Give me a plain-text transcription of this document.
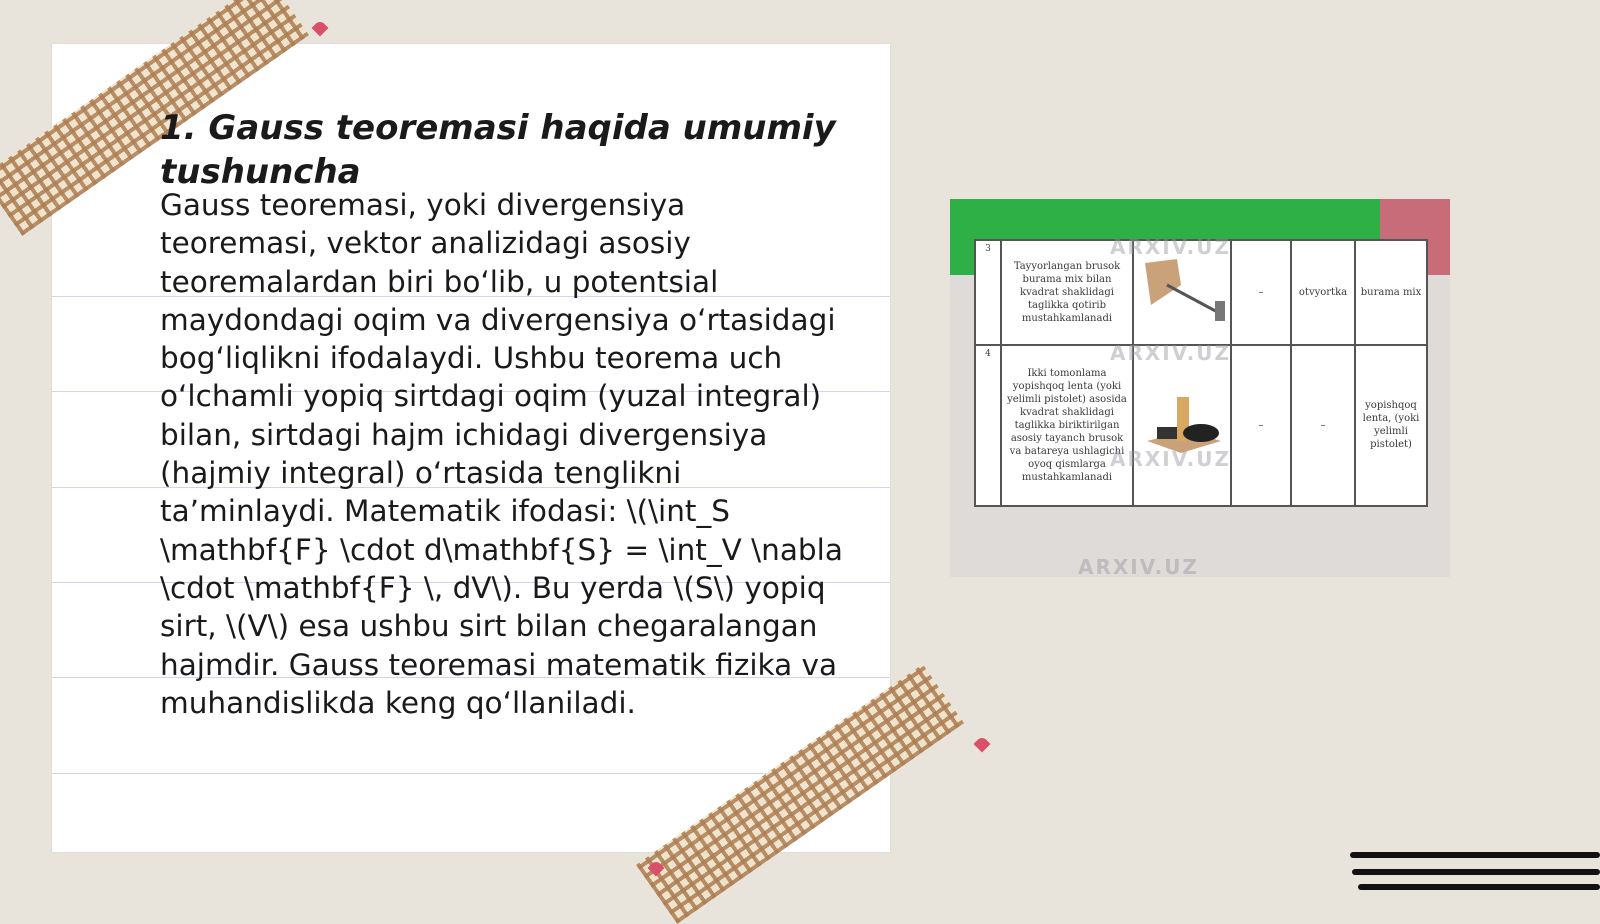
1. Gauss teoremasi haqida umumiy tushuncha

Gauss teoremasi, yoki divergensiya teoremasi, vektor analizidagi asosiy teoremalardan biri bo‘lib, u potentsial maydondagi oqim va divergensiya o‘rtasidagi bog‘liqlikni ifodalaydi. Ushbu teorema uch o‘lchamli yopiq sirtdagi oqim (yuzal integral) bilan, sirtdagi hajm ichidagi divergensiya (hajmiy integral) o‘rtasida tenglikni ta’minlaydi. Matematik ifodasi: \(\int_S \mathbf{F} \cdot d\mathbf{S} = \int_V \nabla \cdot \mathbf{F} \, dV\). Bu yerda \(S\) yopiq sirt, \(V\) esa ushbu sirt bilan chegaralangan hajmdir. Gauss teoremasi matematik fizika va muhandislikda keng qo‘llaniladi.

3	Tayyorlangan brusok burama mix bilan kvadrat shaklidagi taglikka qotirib mustahkamlanadi		–	otvyortka	burama mix
4	Ikki tomonlama yopishqoq lenta (yoki yelimli pistolet) asosida kvadrat shaklidagi taglikka biriktirilgan asosiy tayanch brusok va batareya ushlagichi oyoq qismlarga mustahkamlanadi		–	–	yopishqoq lenta, (yoki yelimli pistolet)
ARXIV.UZ
ARXIV.UZ
ARXIV.UZ
ARXIV.UZ
